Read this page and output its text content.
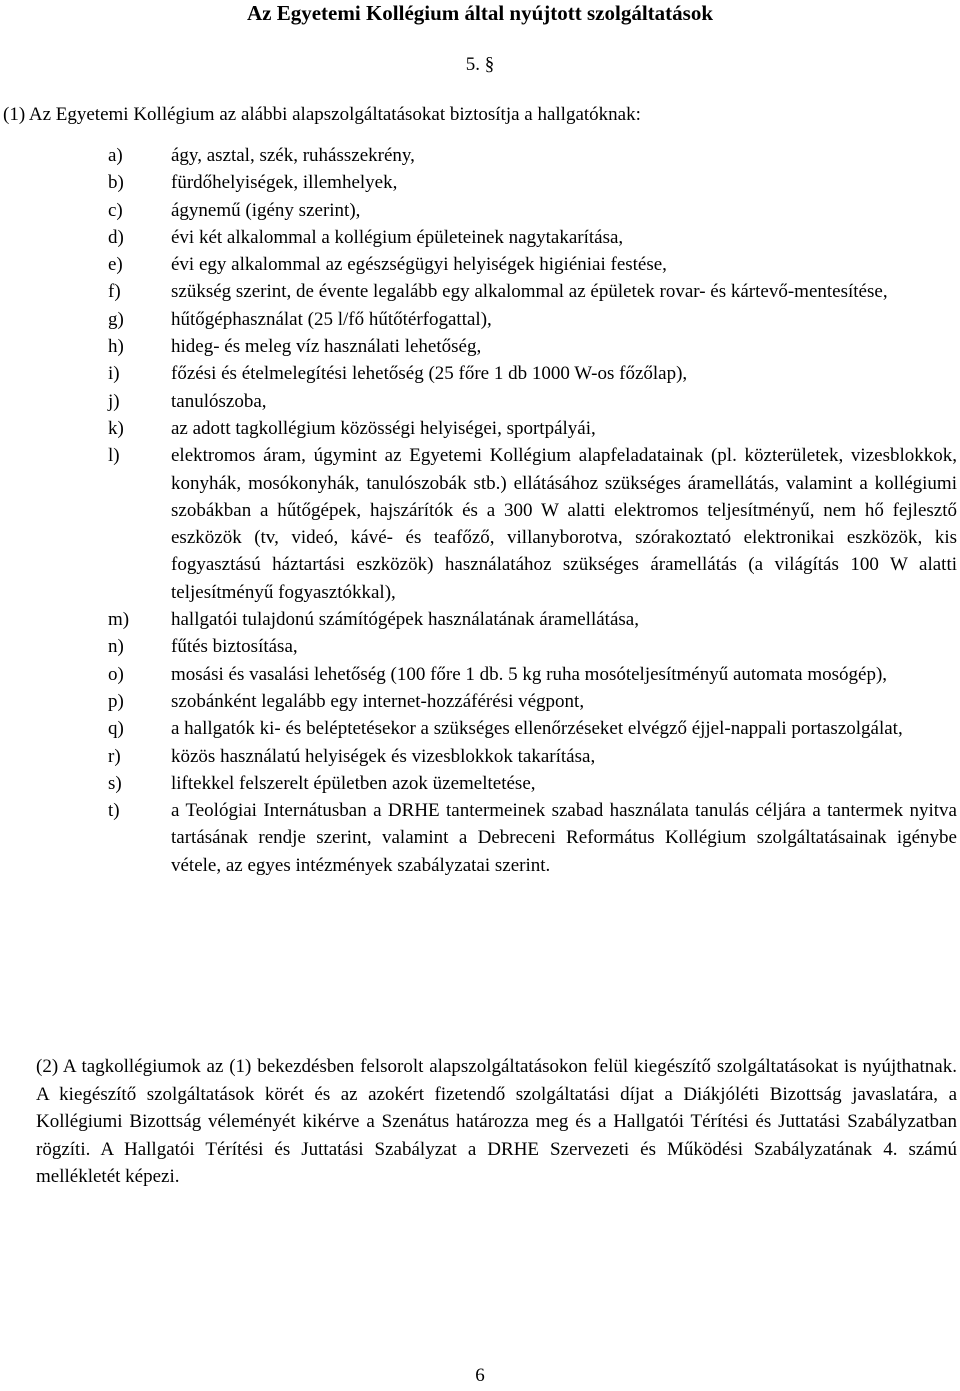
Az Egyetemi Kollégium által nyújtott szolgáltatások
5. §
(1) Az Egyetemi Kollégium az alábbi alapszolgáltatásokat biztosítja a hallgatóknak:
a)	ágy, asztal, szék, ruhásszekrény,
b) fürdőhelyiségek, illemhelyek,
c)	ágynemű (igény szerint),
d) évi két alkalommal a kollégium épületeinek nagytakarítása,
e)	évi egy alkalommal az egészségügyi helyiségek higiéniai festése,
f)	szükség szerint, de évente legalább egy alkalommal az épületek rovar- és kártevő-mentesítése,
g) hűtőgéphasználat (25 l/fő hűtőtérfogattal),
h) hideg- és meleg víz használati lehetőség,
i)	főzési és ételmelegítési lehetőség (25 főre 1 db 1000 W-os főzőlap),
j)	tanulószoba,
k) az adott tagkollégium közösségi helyiségei, sportpályái,
l)	elektromos áram, úgymint az Egyetemi Kollégium alapfeladatainak (pl. közterületek, vizesblokkok, konyhák, mosókonyhák, tanulószobák stb.) ellátásához szükséges áramellátás, valamint a kollégiumi szobákban a hűtőgépek, hajszárítók és a 300 W alatti elektromos teljesítményű, nem hő fejlesztő eszközök (tv, videó, kávé- és teafőző, villanyborotva, szórakoztató elektronikai eszközök, kis fogyasztású háztartási eszközök) használatához szükséges áramellátás (a világítás 100 W alatti teljesítményű fogyasztókkal),
m) hallgatói tulajdonú számítógépek használatának áramellátása,
n) fűtés biztosítása,
o) mosási és vasalási lehetőség (100 főre 1 db. 5 kg ruha mosóteljesítményű automata mosógép),
p) szobánként legalább egy internet-hozzáférési végpont,
q) a hallgatók ki- és beléptetésekor a szükséges ellenőrzéseket elvégző éjjel-nappali portaszolgálat,
r)	közös használatú helyiségek és vizesblokkok takarítása,
s)	liftekkel felszerelt épületben azok üzemeltetése,
t)	a Teológiai Internátusban a DRHE tantermeinek szabad használata tanulás céljára a tantermek nyitva tartásának rendje szerint, valamint a Debreceni Református Kollégium szolgáltatásainak igénybe vétele, az egyes intézmények szabályzatai szerint.
(2) A tagkollégiumok az (1) bekezdésben felsorolt alapszolgáltatásokon felül kiegészítő szolgáltatásokat is nyújthatnak. A kiegészítő szolgáltatások körét és az azokért fizetendő szolgáltatási díjat a Diákjóléti Bizottság javaslatára, a Kollégiumi Bizottság véleményét kikérve a Szenátus határozza meg és a Hallgatói Térítési és Juttatási Szabályzatban rögzíti. A Hallgatói Térítési és Juttatási Szabályzat a DRHE Szervezeti és Működési Szabályzatának 4. számú mellékletét képezi.
6
